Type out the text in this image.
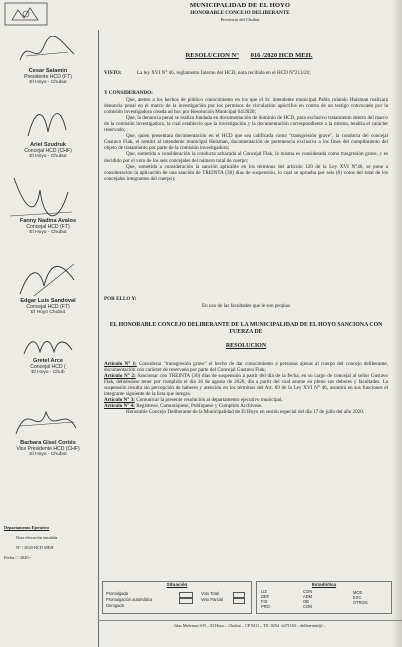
MUNICIPALIDAD DE EL HOYO
HONORABLE CONCEJO DELIBERANTE
Provincia del Chubut
Cesar Salamin
Presidente HCD (FT)
El Hoyo - Chubut
Ariel Szudruk
Concejal HCD (CHF)
El Hoyo - Chubut
Fanny Nadina Avalos
Concejal HCD (FT)
El Hoyo - Chubut
Edgar Luis Sandoval
Concejal HCD (FT)
El Hoyo Chubut
Gretel Arce
Concejal HCD (
El Hoyo - Chub
Barbara Gisel Cortés
Vice Presidente HCD (CHF)
El Hoyo - Chubut
Departamento Ejecutivo
Nota elevación remitida
N° / 2020 HCD MEH
Fecha / / 2020.-
RESOLUCION N° 016 /2020 HCD MEH.
VISTO:	La ley XVI N° 46, reglamento Interno del HCD, nota recibida en el HCD N°213/20;
Y CONSIDERANDO:
Que, atento a los hechos de público conocimiento en los que el Sr. intendente municipal Pablo rolando Huisman realizara denuncia penal en el marco de la investigación por los permisos de circulación apócrifos en contra de un testigo convocado por la comisión investigadora creada ad hoc por Resolución Municipal 04/2020;
Que, la denuncia penal se realiza fundada en documentación de dominio de HCD, para exclusivo tratamiento dentro del marco de la comisión investigadora, la cual estableció que la investigación y la documentación correspondiente a la misma, tendría el carácter reservado;
Que, quien presentara documentación en el HCD que sea calificada como "transgresión grave", la conducta del concejal Gustavo Flak, el remitir al intendente municipal Huisman, documentación de pertenencia exclusiva a los fines del cumplimiento del objeto de tratamiento por parte de la comisión investigadora;
Que, sometida a consideración la conducta achacada al Concejal Flak, la misma es considerada como trasgresión grave, y es decidido por el voto de los seis concejales del número total de cuerpo;
Que, sometida a consideración la sanción aplicable en los términos del artículo 120 de la Ley XVI N°46, se pone a consideración la aplicación de una sanción de TREINTA (30) días de suspensión, lo cual se aprueba por seis (6) votos del total de los concejales integrantes del cuerpo);
POR ELLO Y:
En uso de las facultades que le son propias
EL HONORABLE CONCEJO DELIBERANTE DE LA MUNICIPALIDAD DE EL HOYO SANCIONA CON FUERZA DE
RESOLUCION
Artículo N° 1: Considerar "transgresión grave" el hecho de dar conocimiento a personas ajenas al cuerpo del concejo deliberante, documentación con carácter de reservada por parte del Concejal Gustavo Flak;
Artículo N° 2: Sancionar con TREINTA (30) días de suspensión a partir del día de la fecha, en su cargo de concejal al señor Gustavo Flak, debiéndose tener por cumplida el día 16 de agosto de 2020, día a partir del cual asume en pleno sus deberes y facultades. La suspensión resulta sin percepción de haberes y atención en los términos del Art. 69 de la Ley XVI N° 46, asumirá en sus funciones el integrante siguiente de la lista que integra.
Artículo N° 3: Comunicar la presente resolución al departamento ejecutivo municipal,
Artículo N° 4: Regístrese, Comuníquese, Publíquese y Cumplido Archívese.
Honorable Concejo Deliberante de la Municipalidad de El Hoyo en sesión especial del día 17 de julio del año 2020.
Situación
Promulgada
Promulgación automática
Derogada

Voto Total
Veto Parcial

Estadística
LIZ
DEF
FIS
PRO
CON
ADM
OB
CON
MCE
EXC
OTROS
Islas Malvinas S/N – El Hoyo – Chubut – CP 9211 – TE: 0294 -4471163 – deliberante@...
